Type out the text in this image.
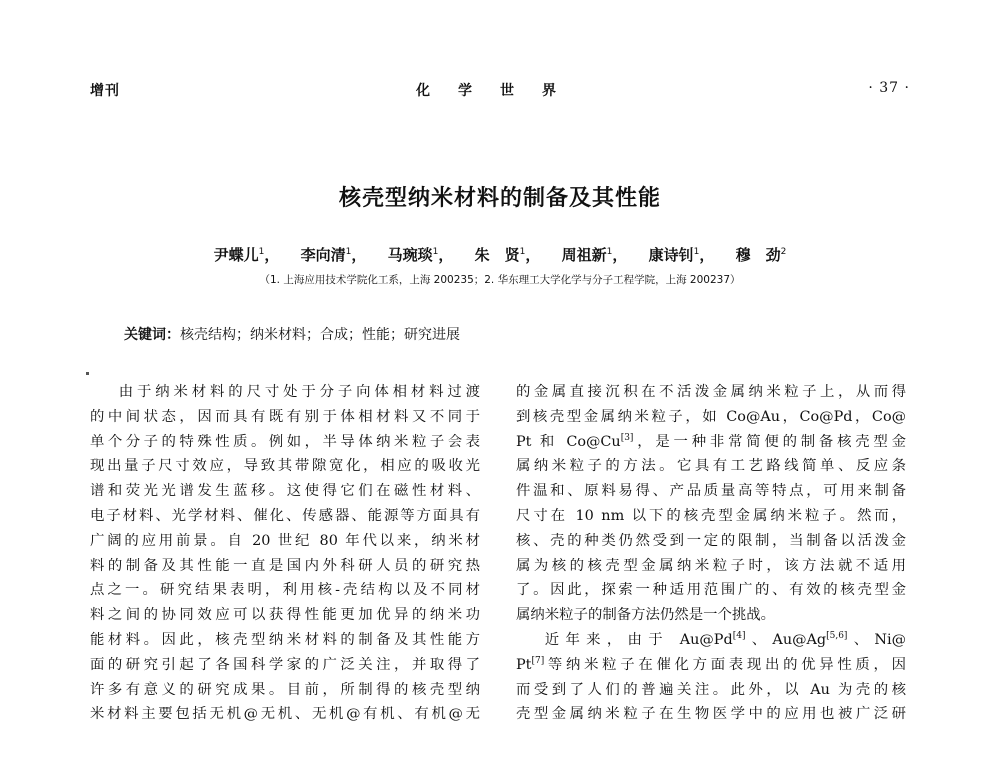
增刊	化学世界	· 37 ·
核壳型纳米材料的制备及其性能
尹蝶儿$^1$， 李向清$^1$， 马琬琰$^1$， 朱　贤$^1$， 周祖新$^1$， 康诗钊$^1$， 穆　劲$^2$
（1. 上海应用技术学院化工系，上海 200235；2. 华东理工大学化学与分子工程学院，上海 200237）
关键词：核壳结构；纳米材料；合成；性能；研究进展

由于纳米材料的尺寸处于分子向体相材料过渡

的中间状态，因而具有既有别于体相材料又不同于

单个分子的特殊性质。例如，半导体纳米粒子会表

现出量子尺寸效应，导致其带隙宽化，相应的吸收光

谱和荧光光谱发生蓝移。这使得它们在磁性材料、

电子材料、光学材料、催化、传感器、能源等方面具有

广阔的应用前景。自 20 世纪 80 年代以来，纳米材

料的制备及其性能一直是国内外科研人员的研究热

点之一。研究结果表明，利用核-壳结构以及不同材

料之间的协同效应可以获得性能更加优异的纳米功

能材料。因此，核壳型纳米材料的制备及其性能方

面的研究引起了各国科学家的广泛关注，并取得了

许多有意义的研究成果。目前，所制得的核壳型纳

米材料主要包括无机@无机、无机@有机、有机@无

的金属直接沉积在不活泼金属纳米粒子上，从而得

到核壳型金属纳米粒子，如 Co@Au，Co@Pd，Co@

Pt 和 Co@Cu[3]，是一种非常简便的制备核壳型金

属纳米粒子的方法。它具有工艺路线简单、反应条

件温和、原料易得、产品质量高等特点，可用来制备

尺寸在 10 nm 以下的核壳型金属纳米粒子。然而，

核、壳的种类仍然受到一定的限制，当制备以活泼金

属为核的核壳型金属纳米粒子时，该方法就不适用

了。因此，探索一种适用范围广的、有效的核壳型金

属纳米粒子的制备方法仍然是一个挑战。

近年来，由于 Au@Pd[4]、Au@Ag[5,6]、Ni@

Pt[7]等纳米粒子在催化方面表现出的优异性质，因

而受到了人们的普遍关注。此外，以 Au 为壳的核

壳型金属纳米粒子在生物医学中的应用也被广泛研
